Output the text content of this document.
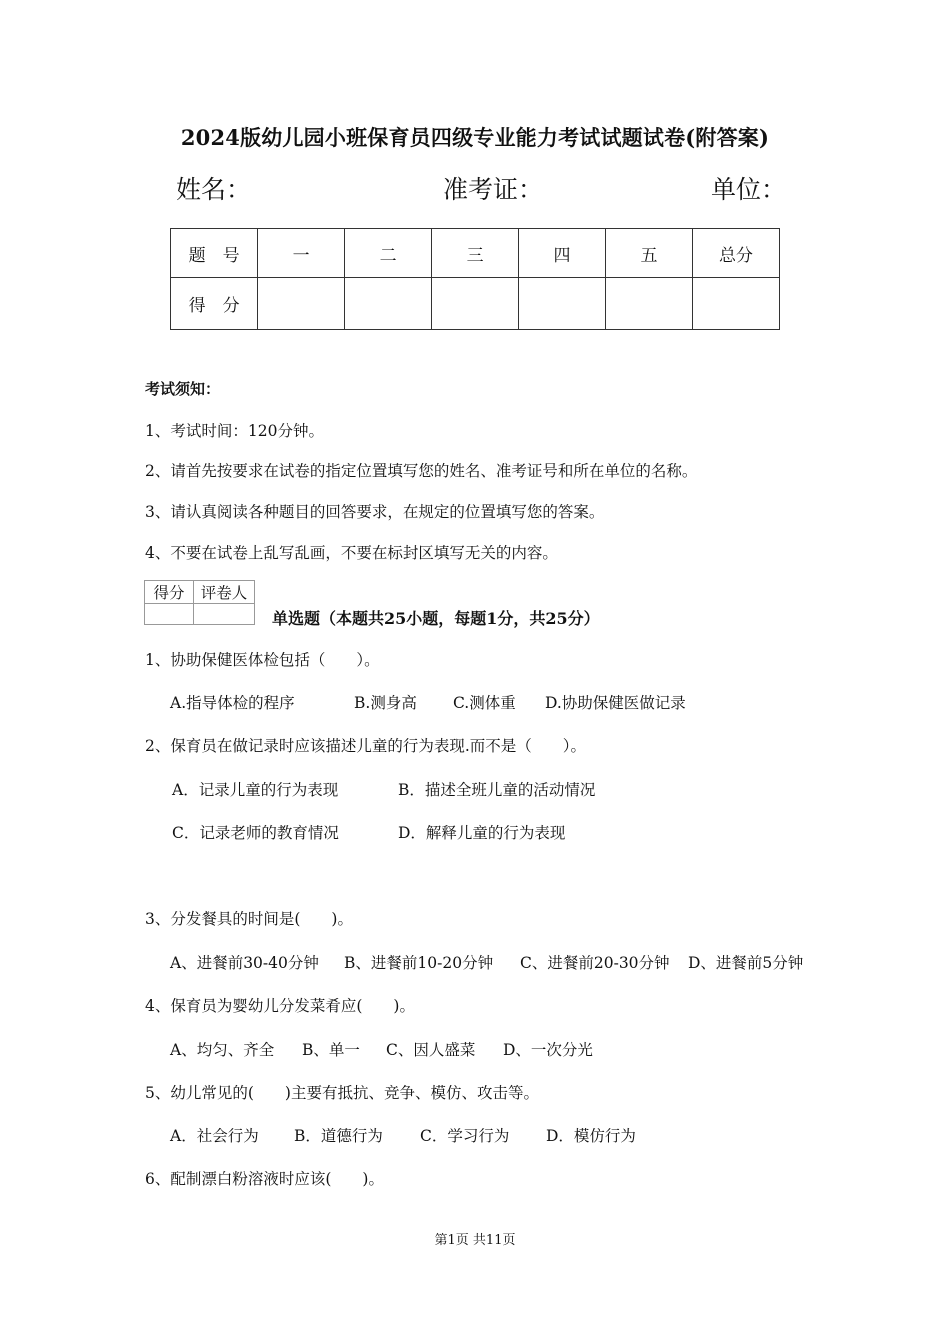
2024版幼儿园小班保育员四级专业能力考试试题试卷(附答案)
姓名：	准考证：	单位：
题　号	一	二	三	四	五	总分
得　分						
考试须知：
1、考试时间：120分钟。
2、请首先按要求在试卷的指定位置填写您的姓名、准考证号和所在单位的名称。
3、请认真阅读各种题目的回答要求，在规定的位置填写您的答案。
4、不要在试卷上乱写乱画，不要在标封区填写无关的内容。
得分	评卷人

单选题（本题共25小题，每题1分，共25分）
1、协助保健医体检包括（　　）。
A.指导体检的程序	B.测身高 C.测体重 D.协助保健医做记录
2、保育员在做记录时应该描述儿童的行为表现.而不是（　　）。
A．记录儿童的行为表现	B．描述全班儿童的活动情况
C．记录老师的教育情况	D．解释儿童的行为表现
3、分发餐具的时间是(　　)。
A、进餐前30-40分钟 B、进餐前10-20分钟 C、进餐前20-30分钟 D、进餐前5分钟
4、保育员为婴幼儿分发菜肴应(　　)。
A、均匀、齐全 B、单一 C、因人盛菜 D、一次分光
5、幼儿常见的(　　)主要有抵抗、竞争、模仿、攻击等。
A．社会行为 B．道德行为 C．学习行为 D．模仿行为
6、配制漂白粉溶液时应该(　　)。
第1页 共11页
